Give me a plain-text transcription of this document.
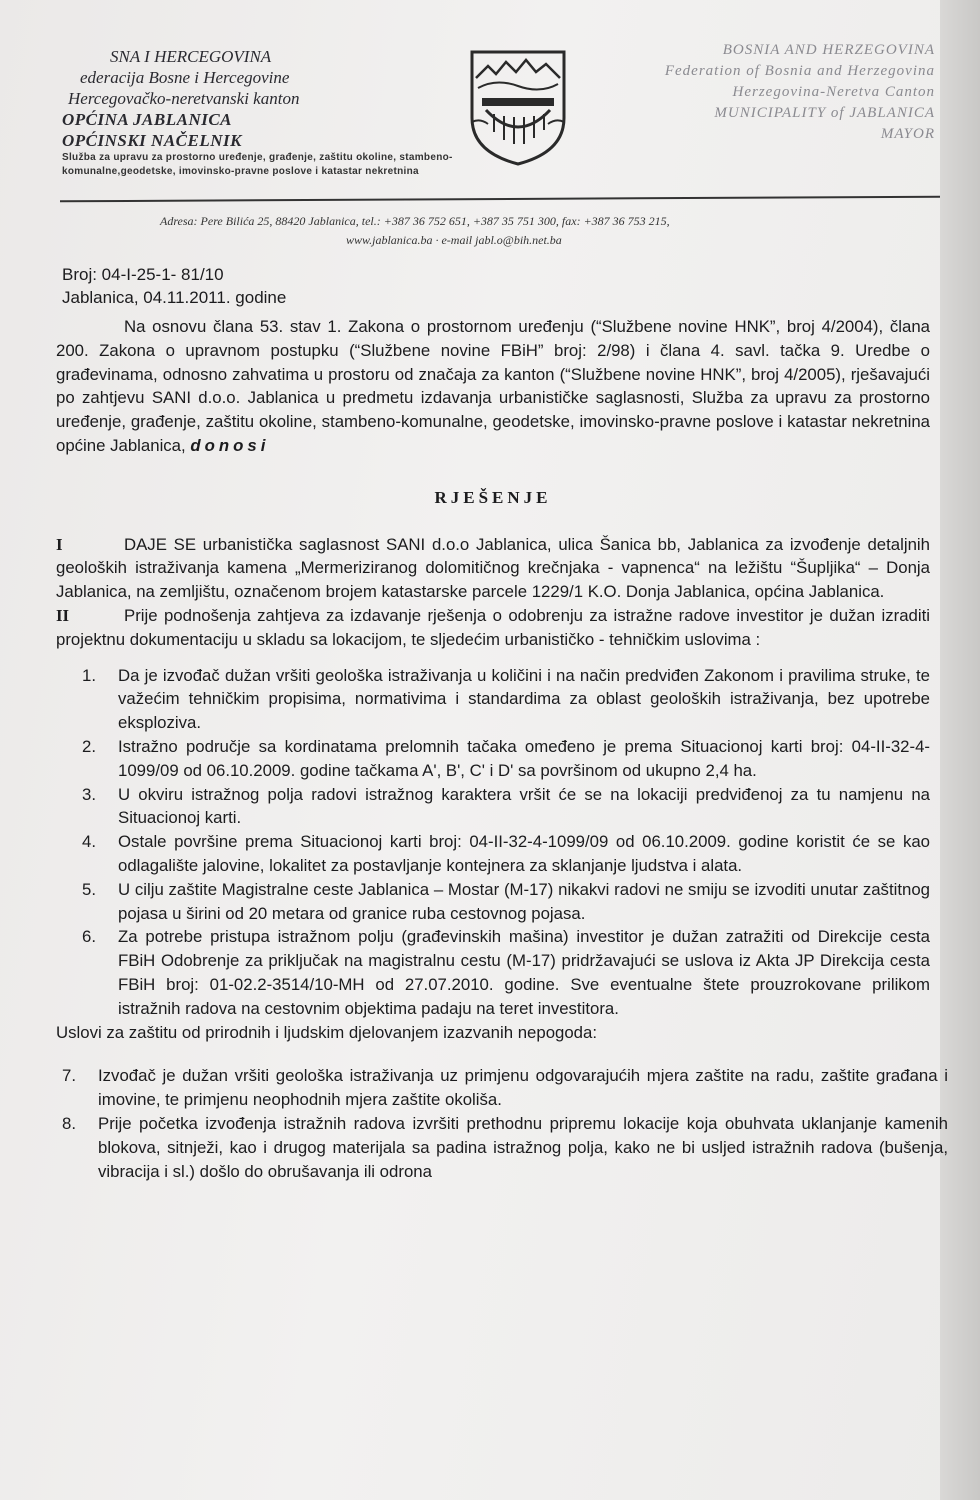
SNA I HERCEGOVINA
ederacija Bosne i Hercegovine
Hercegovačko-neretvanski kanton
OPĆINA JABLANICA
OPĆINSKI NAČELNIK
Služba za upravu za prostorno uređenje, građenje, zaštitu okoline, stambeno-komunalne,geodetske, imovinsko-pravne poslove i katastar nekretnina
BOSNIA AND HERZEGOVINA
Federation of Bosnia and Herzegovina
Herzegovina-Neretva Canton
MUNICIPALITY of JABLANICA
MAYOR
Adresa: Pere Bilića 25, 88420 Jablanica, tel.: +387 36 752 651, +387 35 751 300, fax: +387 36 753 215,
www.jablanica.ba · e-mail jabl.o@bih.net.ba
Broj: 04-I-25-1- 81/10
Jablanica, 04.11.2011. godine

Na osnovu člana 53. stav 1. Zakona o prostornom uređenju (“Službene novine HNK”, broj 4/2004), člana 200. Zakona o upravnom postupku (“Službene novine FBiH” broj: 2/98) i člana 4. savl. tačka 9. Uredbe o građevinama, odnosno zahvatima u prostoru od značaja za kanton (“Službene novine HNK”, broj 4/2005), rješavajući po zahtjevu SANI d.o.o. Jablanica u predmetu izdavanja urbanističke saglasnosti, Služba za upravu za prostorno uređenje, građenje, zaštitu okoline, stambeno-komunalne, geodetske, imovinsko-pravne poslove i katastar nekretnina općine Jablanica, donosi

RJEŠENJE

I	DAJE SE urbanistička saglasnost SANI d.o.o Jablanica, ulica Šanica bb, Jablanica za izvođenje detaljnih geoloških istraživanja kamena „Mermeriziranog dolomitičnog krečnjaka - vapnenca“ na ležištu “Šupljika“ – Donja Jablanica, na zemljištu, označenom brojem katastarske parcele 1229/1 K.O. Donja Jablanica, općina Jablanica.

II	Prije podnošenja zahtjeva za izdavanje rješenja o odobrenju za istražne radove investitor je dužan izraditi projektnu dokumentaciju u skladu sa lokacijom, te sljedećim urbanističko - tehničkim uslovima :

1. Da je izvođač dužan vršiti geološka istraživanja u količini i na način predviđen Zakonom i pravilima struke, te važećim tehničkim propisima, normativima i standardima za oblast geoloških istraživanja, bez upotrebe eksploziva.
2. Istražno područje sa kordinatama prelomnih tačaka omeđeno je prema Situacionoj karti broj: 04-II-32-4-1099/09 od 06.10.2009. godine tačkama A', B', C' i D' sa površinom od ukupno 2,4 ha.
3. U okviru istražnog polja radovi istražnog karaktera vršit će se na lokaciji predviđenoj za tu namjenu na Situacionoj karti.
4. Ostale površine prema Situacionoj karti broj: 04-II-32-4-1099/09 od 06.10.2009. godine koristit će se kao odlagalište jalovine, lokalitet za postavljanje kontejnera za sklanjanje ljudstva i alata.
5. U cilju zaštite Magistralne ceste Jablanica – Mostar (M-17) nikakvi radovi ne smiju se izvoditi unutar zaštitnog pojasa u širini od 20 metara od granice ruba cestovnog pojasa.
6. Za potrebe pristupa istražnom polju (građevinskih mašina) investitor je dužan zatražiti od Direkcije cesta FBiH Odobrenje za priključak na magistralnu cestu (M-17) pridržavajući se uslova iz Akta JP Direkcija cesta FBiH broj: 01-02.2-3514/10-MH od 27.07.2010. godine. Sve eventualne štete prouzrokovane prilikom istražnih radova na cestovnim objektima padaju na teret investitora.

Uslovi za zaštitu od prirodnih i ljudskim djelovanjem izazvanih nepogoda:

7. Izvođač je dužan vršiti geološka istraživanja uz primjenu odgovarajućih mjera zaštite na radu, zaštite građana i imovine, te primjenu neophodnih mjera zaštite okoliša.
8. Prije početka izvođenja istražnih radova izvršiti prethodnu pripremu lokacije koja obuhvata uklanjanje kamenih blokova, sitnježi, kao i drugog materijala sa padina istražnog polja, kako ne bi usljed istražnih radova (bušenja, vibracija i sl.) došlo do obrušavanja ili odrona
